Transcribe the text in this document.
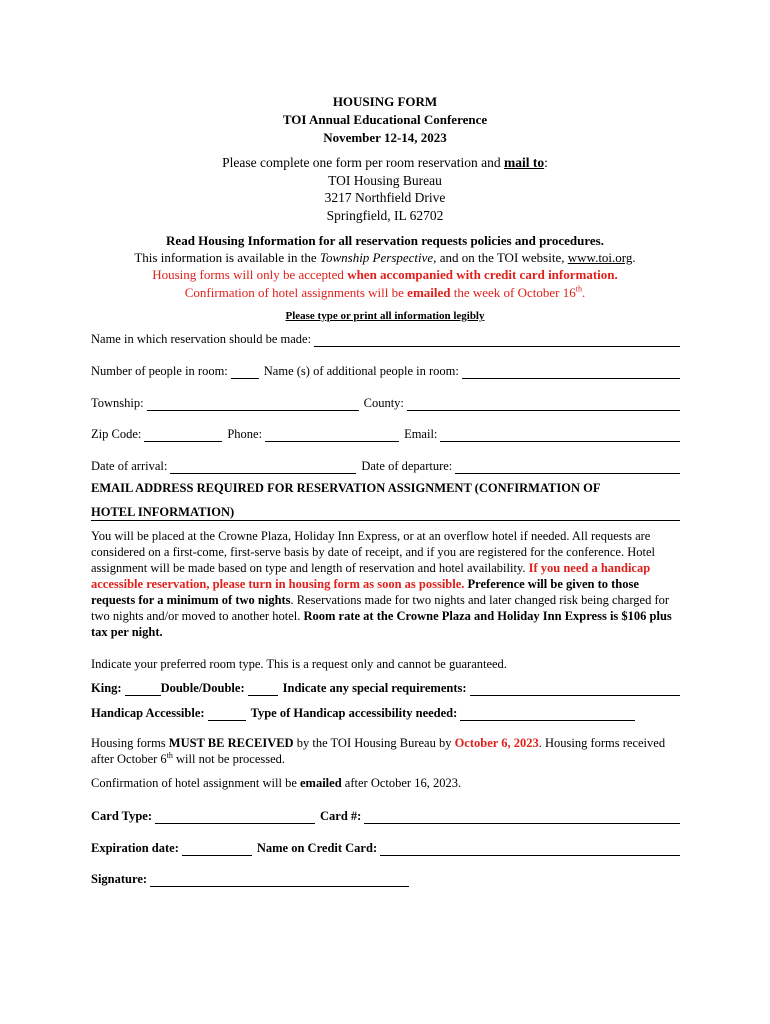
HOUSING FORM
TOI Annual Educational Conference
November 12-14, 2023
Please complete one form per room reservation and mail to:
TOI Housing Bureau
3217 Northfield Drive
Springfield, IL 62702
Read Housing Information for all reservation requests policies and procedures.
This information is available in the Township Perspective, and on the TOI website, www.toi.org.
Housing forms will only be accepted when accompanied with credit card information.
Confirmation of hotel assignments will be emailed the week of October 16th.
Please type or print all information legibly
Name in which reservation should be made:
Number of people in room:	Name (s) of additional people in room:
Township:	County:
Zip Code:	Phone:	Email:
Date of arrival:	Date of departure:
EMAIL ADDRESS REQUIRED FOR RESERVATION ASSIGNMENT (CONFIRMATION OF
HOTEL INFORMATION)
You will be placed at the Crowne Plaza, Holiday Inn Express, or at an overflow hotel if needed. All requests are considered on a first-come, first-serve basis by date of receipt, and if you are registered for the conference. Hotel assignment will be made based on type and length of reservation and hotel availability. If you need a handicap accessible reservation, please turn in housing form as soon as possible. Preference will be given to those requests for a minimum of two nights. Reservations made for two nights and later changed risk being charged for two nights and/or moved to another hotel. Room rate at the Crowne Plaza and Holiday Inn Express is $106 plus tax per night.
Indicate your preferred room type. This is a request only and cannot be guaranteed.
King:	Double/Double :	Indicate any special requirements:
Handicap Accessible :	Type of Handicap accessibility needed:
Housing forms MUST BE RECEIVED by the TOI Housing Bureau by October 6, 2023. Housing forms received after October 6th will not be processed.
Confirmation of hotel assignment will be emailed after October 16, 2023.
Card Type :	Card # :
Expiration date :	Name on Credit Card :
Signature :
